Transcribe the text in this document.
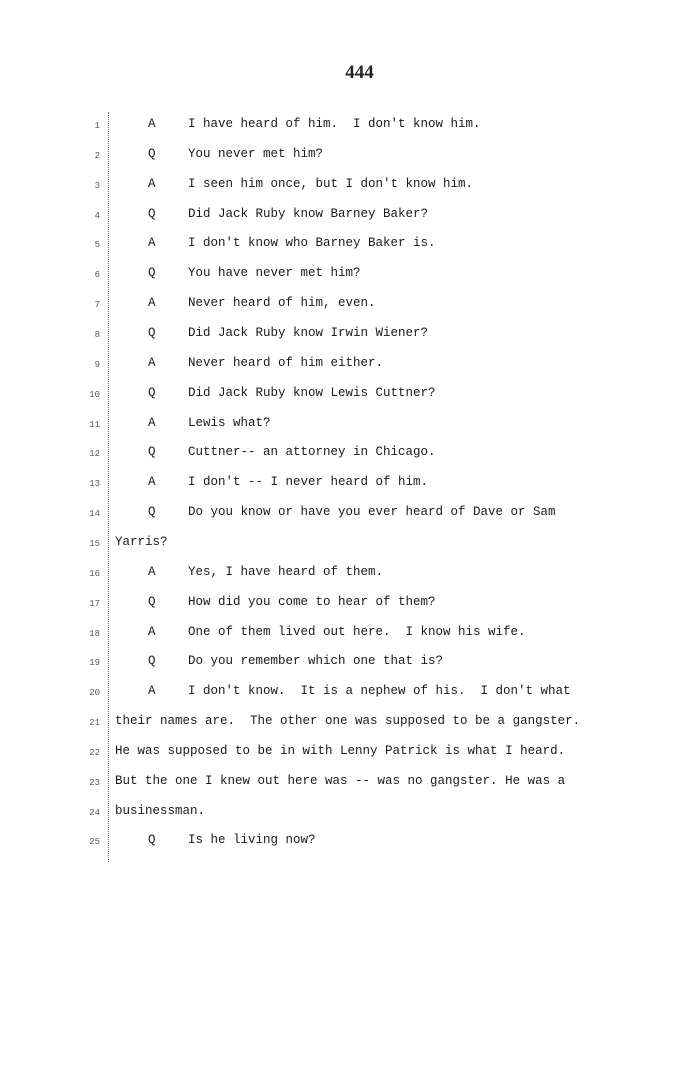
444
1	A	I have heard of him.  I don't know him.
2	Q	You never met him?
3	A	I seen him once, but I don't know him.
4	Q	Did Jack Ruby know Barney Baker?
5	A	I don't know who Barney Baker is.
6	Q	You have never met him?
7	A	Never heard of him, even.
8	Q	Did Jack Ruby know Irwin Wiener?
9	A	Never heard of him either.
10	Q	Did Jack Ruby know Lewis Cuttner?
11	A	Lewis what?
12	Q	Cuttner-- an attorney in Chicago.
13	A	I don't -- I never heard of him.
14	Q	Do you know or have you ever heard of Dave or Sam
15 Yarris?
16	A	Yes, I have heard of them.
17	Q	How did you come to hear of them?
18	A	One of them lived out here.  I know his wife.
19	Q	Do you remember which one that is?
20	A	I don't know.  It is a nephew of his.  I don't what
21 their names are.  The other one was supposed to be a gangster.
22 He was supposed to be in with Lenny Patrick is what I heard.
23 But the one I knew out here was -- was no gangster. He was a
24 businessman.
25	Q	Is he living now?
